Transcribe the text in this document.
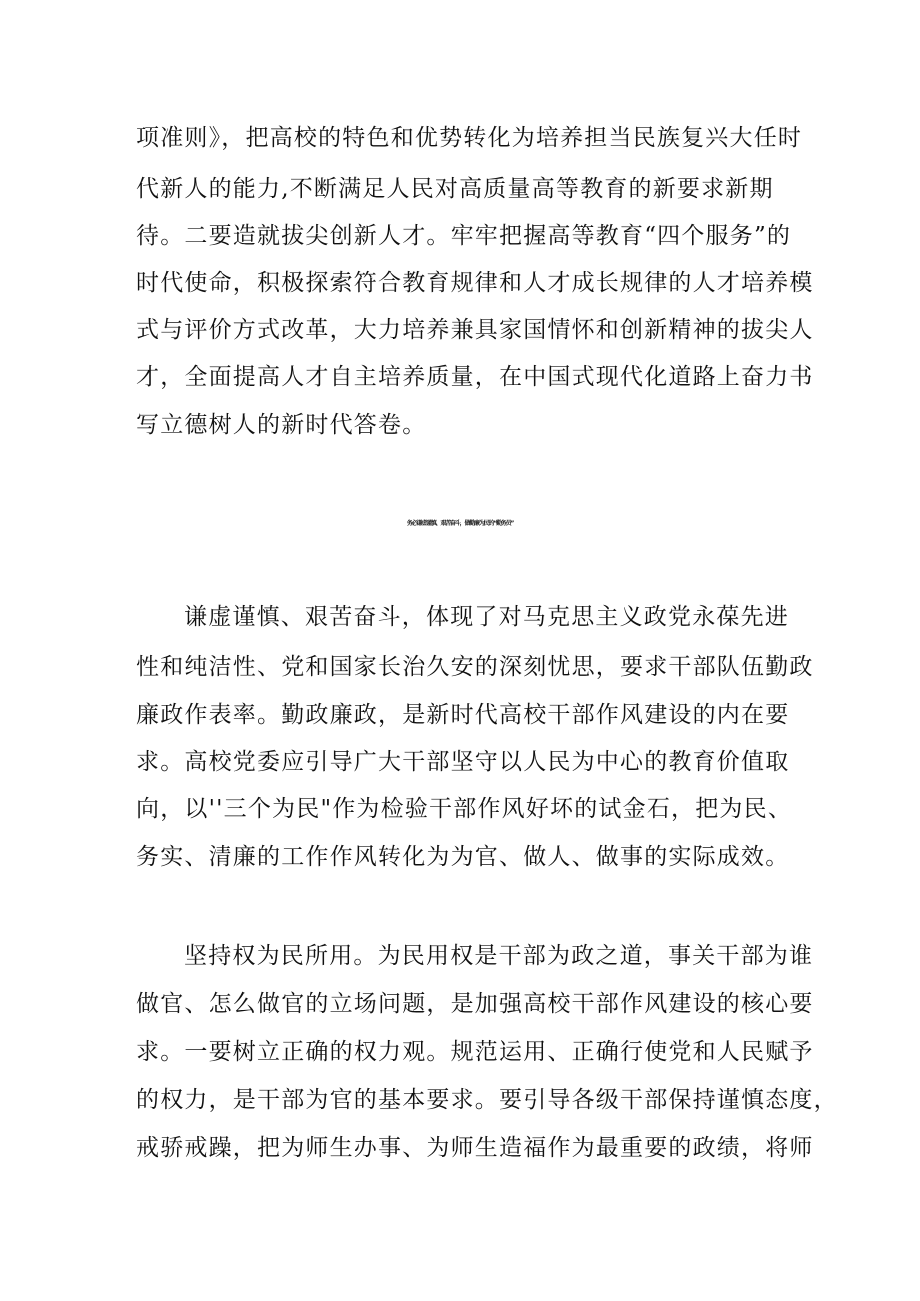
项准则》，把高校的特色和优势转化为培养担当民族复兴大任时
代新人的能力,不断满足人民对高质量高等教育的新要求新期
待。二要造就拔尖创新人才。牢牢把握高等教育“四个服务”的
时代使命，积极探索符合教育规律和人才成长规律的人才培养模
式与评价方式改革，大力培养兼具家国情怀和创新精神的拔尖人
才，全面提高人才自主培养质量，在中国式现代化道路上奋力书
写立德树人的新时代答卷。
务必谦虚谨慎、艰苦奋斗，做勤廉为民的“勤务员”
谦虚谨慎、艰苦奋斗，体现了对马克思主义政党永葆先进
性和纯洁性、党和国家长治久安的深刻忧思，要求干部队伍勤政
廉政作表率。勤政廉政，是新时代高校干部作风建设的内在要
求。高校党委应引导广大干部坚守以人民为中心的教育价值取
向，以''三个为民"作为检验干部作风好坏的试金石，把为民、
务实、清廉的工作作风转化为为官、做人、做事的实际成效。
坚持权为民所用。为民用权是干部为政之道，事关干部为谁
做官、怎么做官的立场问题，是加强高校干部作风建设的核心要
求。一要树立正确的权力观。规范运用、正确行使党和人民赋予
的权力，是干部为官的基本要求。要引导各级干部保持谨慎态度，
戒骄戒躁，把为师生办事、为师生造福作为最重要的政绩，将师
